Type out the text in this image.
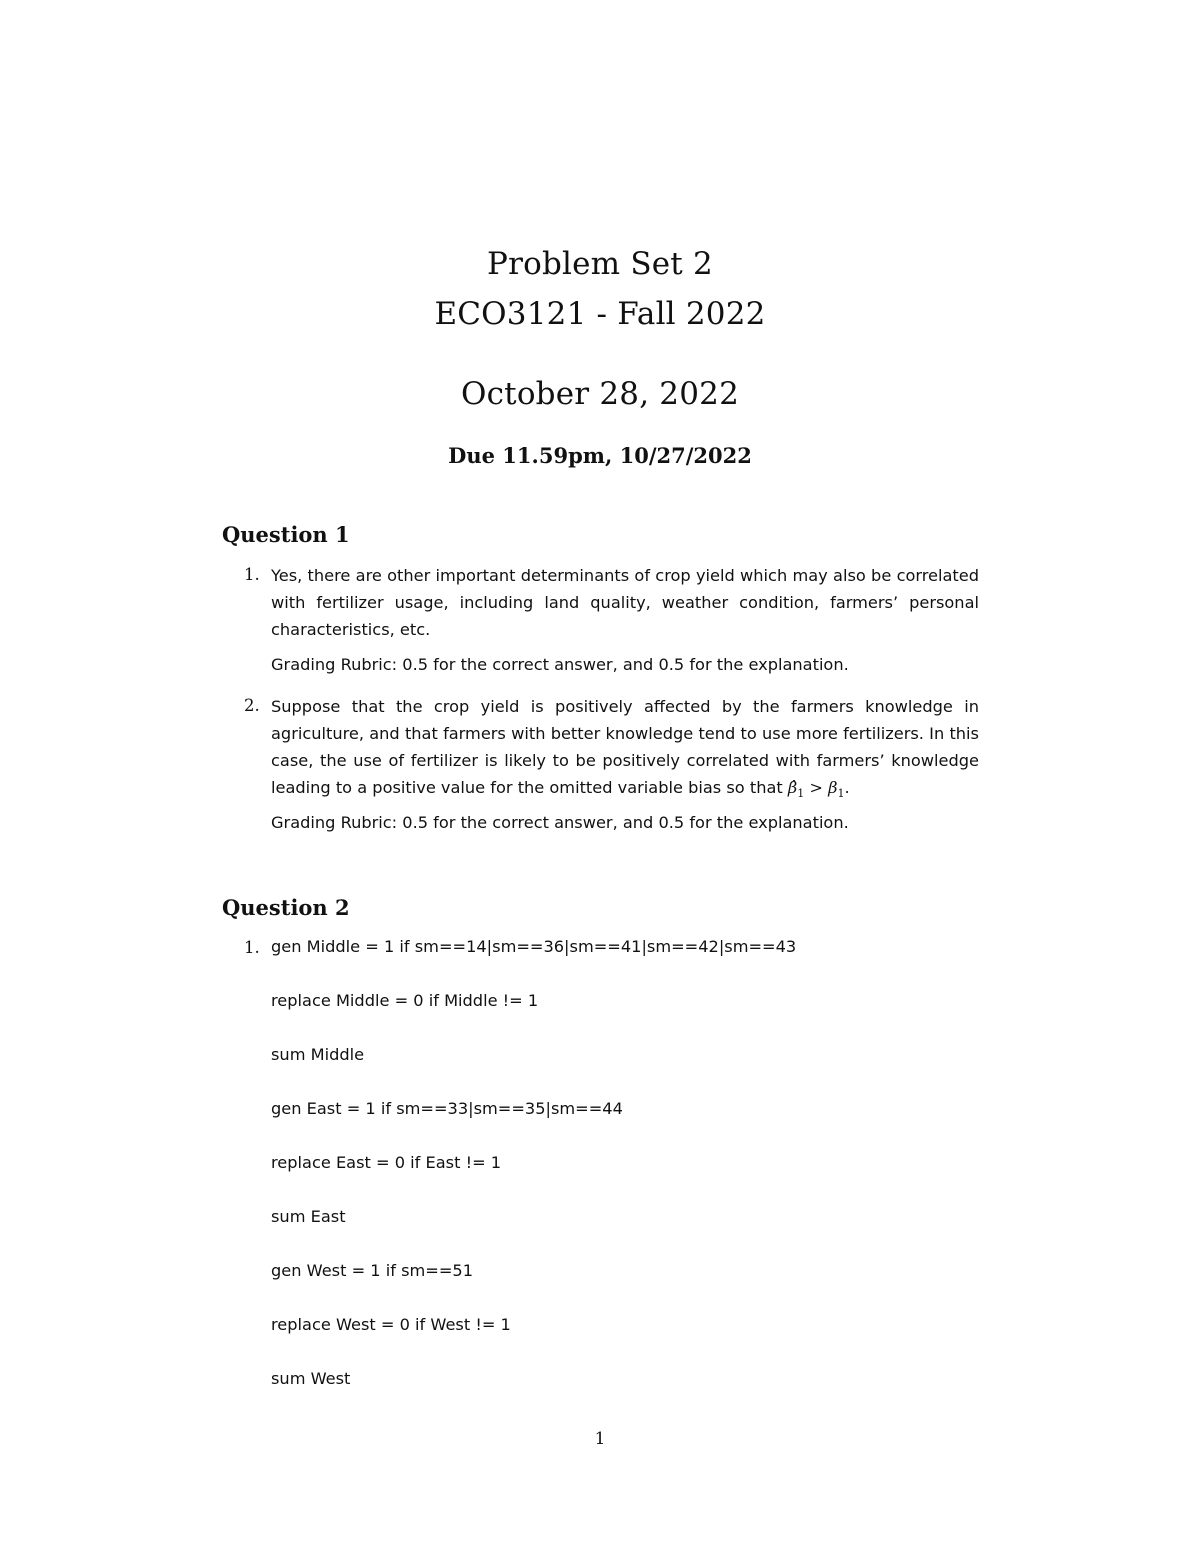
Problem Set 2
ECO3121 - Fall 2022
October 28, 2022
Due 11.59pm, 10/27/2022
Question 1
1. Yes, there are other important determinants of crop yield which may also be correlated with fertilizer usage, including land quality, weather condition, farmers’ personal characteristics, etc.
Grading Rubric: 0.5 for the correct answer, and 0.5 for the explanation.
2. Suppose that the crop yield is positively affected by the farmers knowledge in agriculture, and that farmers with better knowledge tend to use more fertilizers. In this case, the use of fertilizer is likely to be positively correlated with farmers’ knowledge leading to a positive value for the omitted variable bias so that $\betâ_1 > \beta_1$.
Grading Rubric: 0.5 for the correct answer, and 0.5 for the explanation.
Question 2
1. gen Middle = 1 if sm==14|sm==36|sm==41|sm==42|sm==43
replace Middle = 0 if Middle != 1
sum Middle
gen East = 1 if sm==33|sm==35|sm==44
replace East = 0 if East != 1
sum East
gen West = 1 if sm==51
replace West = 0 if West != 1
sum West
1
